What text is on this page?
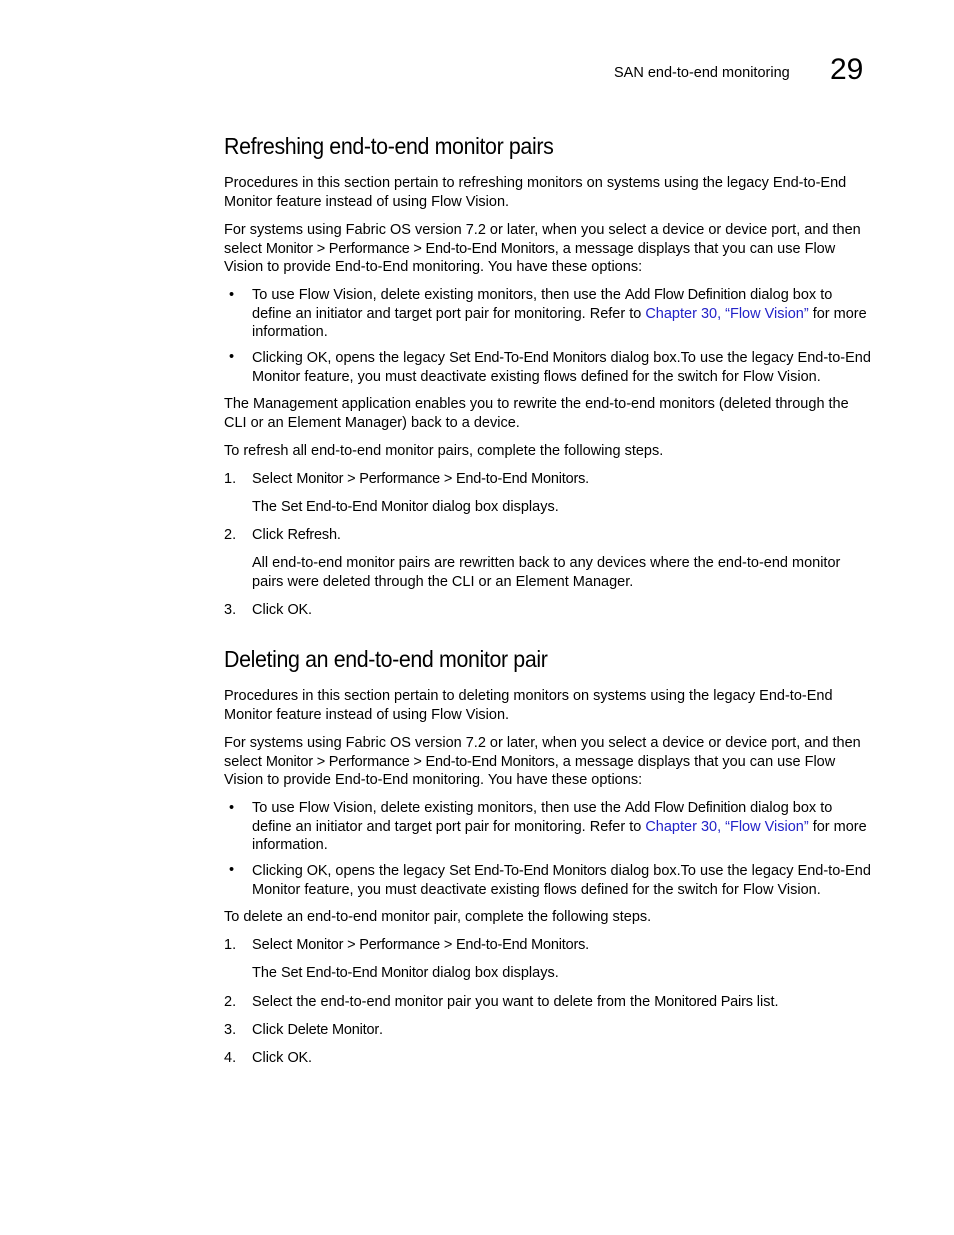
SAN end-to-end monitoring 29
Refreshing end-to-end monitor pairs

Procedures in this section pertain to refreshing monitors on systems using the legacy End-to-End Monitor feature instead of using Flow Vision.

For systems using Fabric OS version 7.2 or later, when you select a device or device port, and then select Monitor > Performance > End-to-End Monitors, a message displays that you can use Flow Vision to provide End-to-End monitoring. You have these options:

• To use Flow Vision, delete existing monitors, then use the Add Flow Definition dialog box to define an initiator and target port pair for monitoring. Refer to Chapter 30, “Flow Vision” for more information.

• Clicking OK, opens the legacy Set End-To-End Monitors dialog box.To use the legacy End-to-End Monitor feature, you must deactivate existing flows defined for the switch for Flow Vision.

The Management application enables you to rewrite the end-to-end monitors (deleted through the CLI or an Element Manager) back to a device.

To refresh all end-to-end monitor pairs, complete the following steps.

1. Select Monitor > Performance > End-to-End Monitors.

The Set End-to-End Monitor dialog box displays.

2. Click Refresh.

All end-to-end monitor pairs are rewritten back to any devices where the end-to-end monitor pairs were deleted through the CLI or an Element Manager.

3. Click OK.

Deleting an end-to-end monitor pair

Procedures in this section pertain to deleting monitors on systems using the legacy End-to-End Monitor feature instead of using Flow Vision.

For systems using Fabric OS version 7.2 or later, when you select a device or device port, and then select Monitor > Performance > End-to-End Monitors, a message displays that you can use Flow Vision to provide End-to-End monitoring. You have these options:

• To use Flow Vision, delete existing monitors, then use the Add Flow Definition dialog box to define an initiator and target port pair for monitoring. Refer to Chapter 30, “Flow Vision” for more information.

• Clicking OK, opens the legacy Set End-To-End Monitors dialog box.To use the legacy End-to-End Monitor feature, you must deactivate existing flows defined for the switch for Flow Vision.

To delete an end-to-end monitor pair, complete the following steps.

1. Select Monitor > Performance > End-to-End Monitors.

The Set End-to-End Monitor dialog box displays.

2. Select the end-to-end monitor pair you want to delete from the Monitored Pairs list.

3. Click Delete Monitor.

4. Click OK.
